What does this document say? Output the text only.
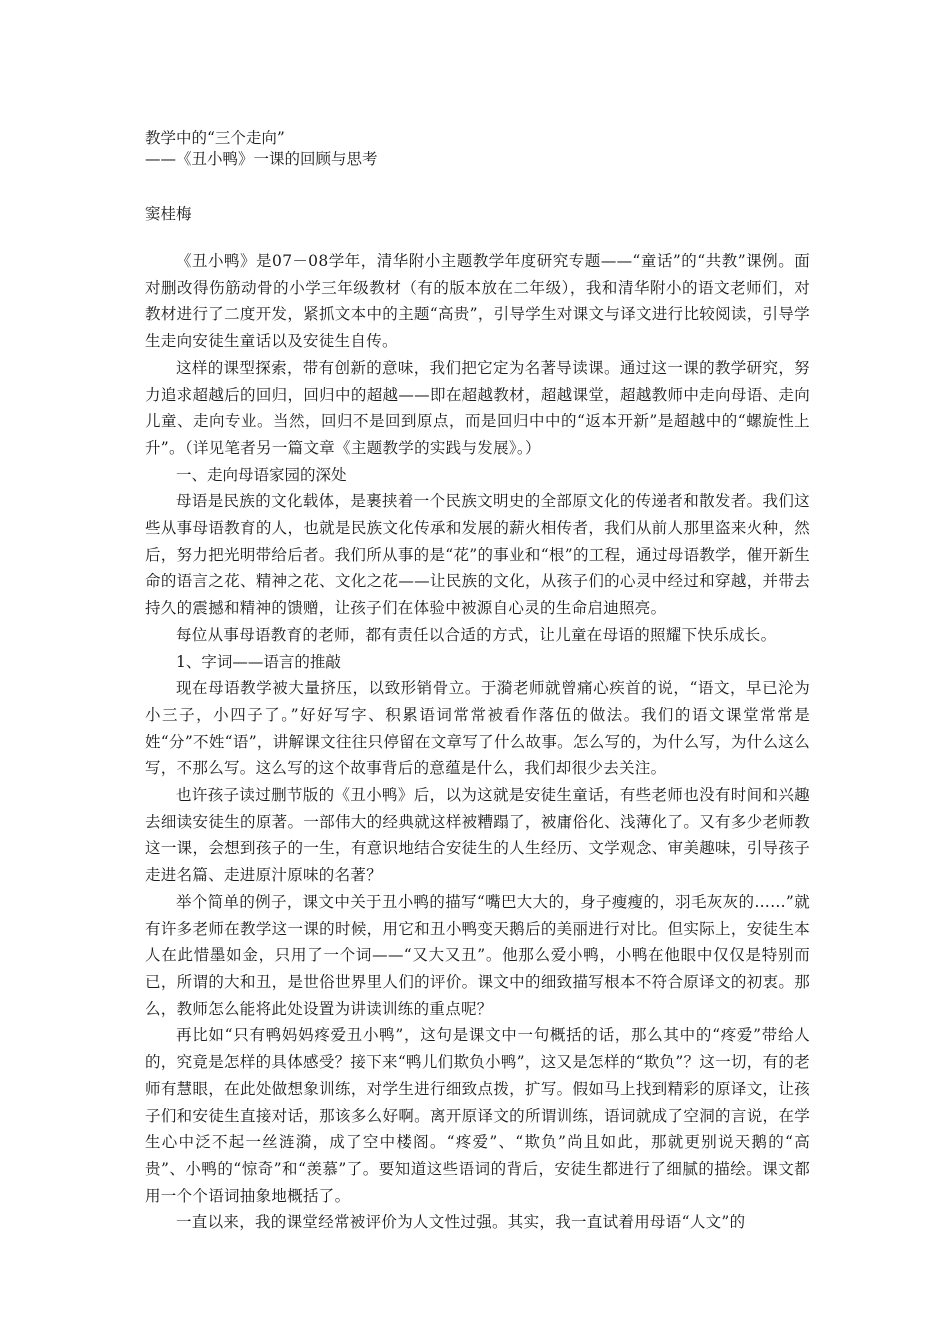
教学中的“三个走向”

——《丑小鸭》一课的回顾与思考

窦桂梅

《丑小鸭》是07－08学年，清华附小主题教学年度研究专题——“童话”的“共教”课例。面对删改得伤筋动骨的小学三年级教材（有的版本放在二年级），我和清华附小的语文老师们，对教材进行了二度开发，紧抓文本中的主题“高贵”，引导学生对课文与译文进行比较阅读，引导学生走向安徒生童话以及安徒生自传。

这样的课型探索，带有创新的意味，我们把它定为名著导读课。通过这一课的教学研究，努力追求超越后的回归，回归中的超越——即在超越教材，超越课堂，超越教师中走向母语、走向儿童、走向专业。当然，回归不是回到原点，而是回归中中的“返本开新”是超越中的“螺旋性上升”。（详见笔者另一篇文章《主题教学的实践与发展》。）

一、走向母语家园的深处

母语是民族的文化载体，是裹挟着一个民族文明史的全部原文化的传递者和散发者。我们这些从事母语教育的人，也就是民族文化传承和发展的薪火相传者，我们从前人那里盗来火种，然后，努力把光明带给后者。我们所从事的是“花”的事业和“根”的工程，通过母语教学，催开新生命的语言之花、精神之花、文化之花——让民族的文化，从孩子们的心灵中经过和穿越，并带去持久的震撼和精神的馈赠，让孩子们在体验中被源自心灵的生命启迪照亮。

每位从事母语教育的老师，都有责任以合适的方式，让儿童在母语的照耀下快乐成长。

1、字词——语言的推敲

现在母语教学被大量挤压，以致形销骨立。于漪老师就曾痛心疾首的说，“语文，早已沦为小三子，小四子了。”好好写字、积累语词常常被看作落伍的做法。我们的语文课堂常常是姓“分”不姓“语”，讲解课文往往只停留在文章写了什么故事。怎么写的，为什么写，为什么这么写，不那么写。这么写的这个故事背后的意蕴是什么，我们却很少去关注。

也许孩子读过删节版的《丑小鸭》后，以为这就是安徒生童话，有些老师也没有时间和兴趣去细读安徒生的原著。一部伟大的经典就这样被糟蹋了，被庸俗化、浅薄化了。又有多少老师教这一课，会想到孩子的一生，有意识地结合安徒生的人生经历、文学观念、审美趣味，引导孩子走进名篇、走进原汁原味的名著？

举个简单的例子，课文中关于丑小鸭的描写“嘴巴大大的，身子瘦瘦的，羽毛灰灰的……”就有许多老师在教学这一课的时候，用它和丑小鸭变天鹅后的美丽进行对比。但实际上，安徒生本人在此惜墨如金，只用了一个词——“又大又丑”。他那么爱小鸭，小鸭在他眼中仅仅是特别而已，所谓的大和丑，是世俗世界里人们的评价。课文中的细致描写根本不符合原译文的初衷。那么，教师怎么能将此处设置为讲读训练的重点呢？

再比如“只有鸭妈妈疼爱丑小鸭”，这句是课文中一句概括的话，那么其中的“疼爱”带给人的，究竟是怎样的具体感受？接下来“鸭儿们欺负小鸭”，这又是怎样的“欺负”？这一切，有的老师有慧眼，在此处做想象训练，对学生进行细致点拨，扩写。假如马上找到精彩的原译文，让孩子们和安徒生直接对话，那该多么好啊。离开原译文的所谓训练，语词就成了空洞的言说，在学生心中泛不起一丝涟漪，成了空中楼阁。“疼爱”、“欺负”尚且如此，那就更别说天鹅的“高贵”、小鸭的“惊奇”和“羡慕”了。要知道这些语词的背后，安徒生都进行了细腻的描绘。课文都用一个个语词抽象地概括了。

一直以来，我的课堂经常被评价为人文性过强。其实，我一直试着用母语“人文”的
